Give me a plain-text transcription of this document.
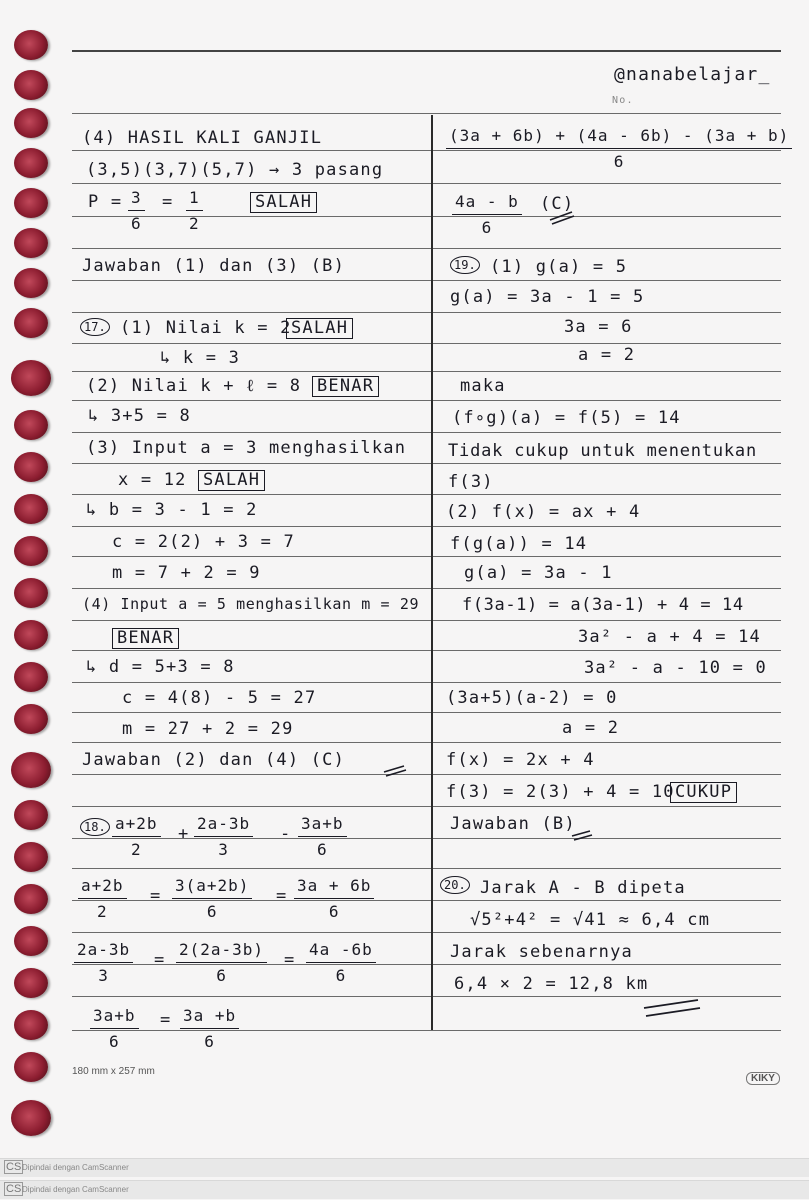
@nanabelajar_
No.
(4) HASIL KALI GANJIL
(3,5)(3,7)(5,7) → 3 pasang
$P = \frac{3}{6} = \frac{1}{2}$	SALAH
Jawaban (1) dan (3) (B)
17. (1) Nilai k = 2 SALAH
↳ k = 3
(2) Nilai k + ℓ = 8 BENAR
↳ 3+5 = 8
(3) Input a = 3 menghasilkan
x = 12 SALAH
↳ b = 3 - 1 = 2
c = 2(2) + 3 = 7
m = 7 + 2 = 9
(4) Input a = 5 menghasilkan m = 29
BENAR
↳ d = 5+3 = 8
c = 4(8) - 5 = 27
m = 27 + 2 = 29
Jawaban (2) dan (4) (C)
18. $\frac{a+2b}{2} + \frac{2a-3b}{3} - \frac{3a+b}{6}$
$\frac{a+2b}{2} = \frac{3(a+2b)}{6} = \frac{3a + 6b}{6}$
$\frac{2a-3b}{3} = \frac{2(2a-3b)}{6} = \frac{4a -6b}{6}$
$\frac{3a+b}{6} = \frac{3a +b}{6}$
$\frac{(3a + 6b) + (4a - 6b) - (3a + b)}{6}$
$\frac{4a - b}{6} (C)$
19. (1) g(a) = 5
g(a) = 3a - 1 = 5
3a = 6
a = 2
maka
(f∘g)(a) = f(5) = 14
Tidak cukup untuk menentukan
f(3)
(2) f(x) = ax + 4
f(g(a)) = 14
g(a) = 3a - 1
f(3a-1) = a(3a-1) + 4 = 14
3a² - a + 4 = 14
3a² - a - 10 = 0
(3a+5)(a-2) = 0
a = 2
f(x) = 2x + 4
f(3) = 2(3) + 4 = 10 CUKUP
Jawaban (B)
20. Jarak A - B dipeta
√5²+4² = √41 ≈ 6,4 cm
Jarak sebenarnya
6,4 × 2 = 12,8 km
180 mm x 257 mm
KIKY
CS Dipindai dengan CamScanner
CS Dipindai dengan CamScanner
